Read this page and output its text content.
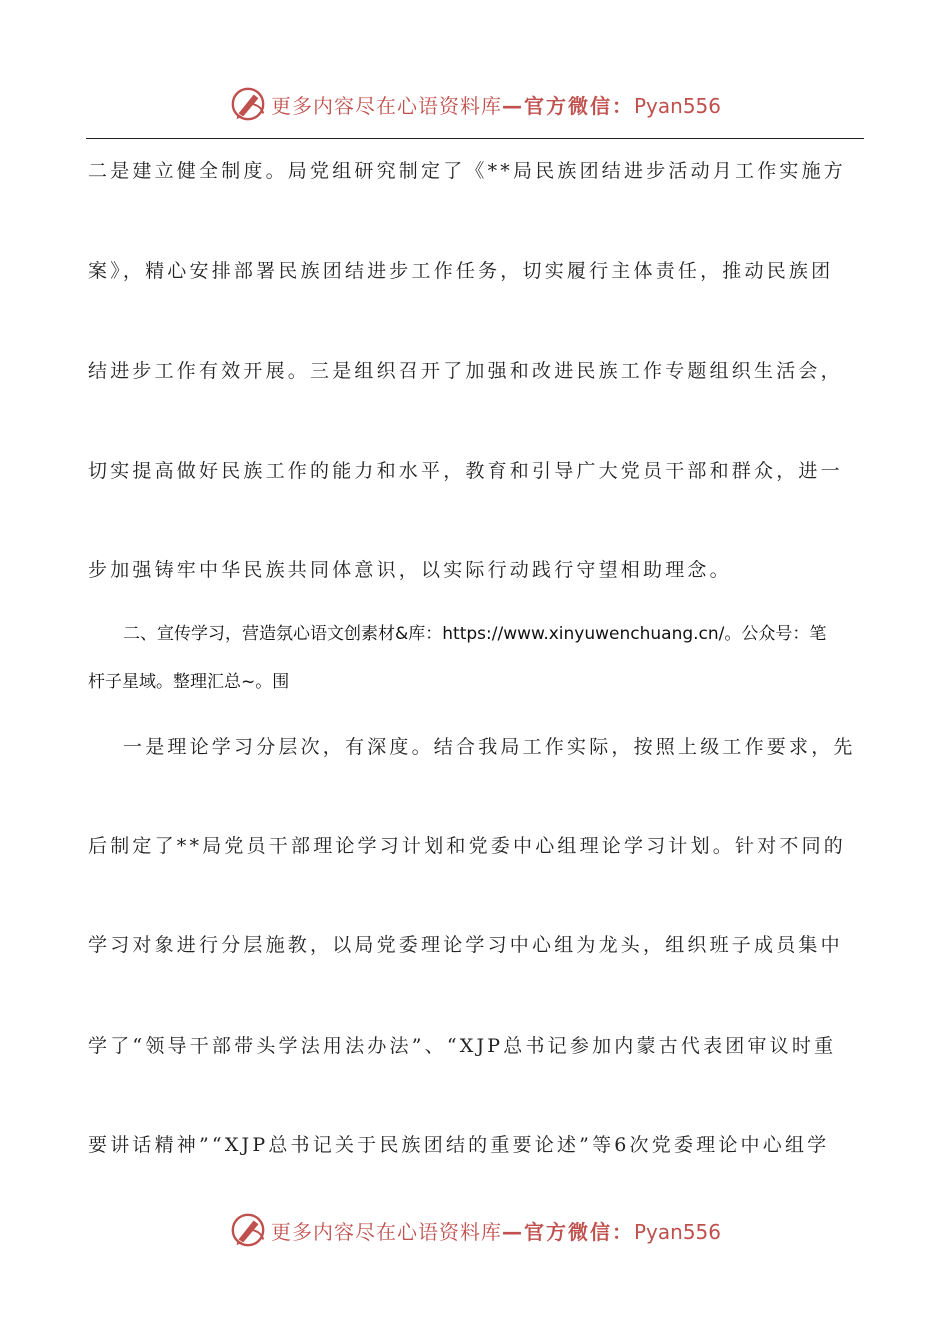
更多内容尽在心语资料库—官方微信：Pyan556
二是建立健全制度。局党组研究制定了《**局民族团结进步活动月工作实施方
案》，精心安排部署民族团结进步工作任务，切实履行主体责任，推动民族团
结进步工作有效开展。三是组织召开了加强和改进民族工作专题组织生活会，
切实提高做好民族工作的能力和水平，教育和引导广大党员干部和群众，进一
步加强铸牢中华民族共同体意识，以实际行动践行守望相助理念。
二、宣传学习，营造氛心语文创素材&库：https://www.xinyuwenchuang.cn/。公众号：笔
杆子星域。整理汇总~。围
一是理论学习分层次，有深度。结合我局工作实际，按照上级工作要求，先
后制定了**局党员干部理论学习计划和党委中心组理论学习计划。针对不同的
学习对象进行分层施教，以局党委理论学习中心组为龙头，组织班子成员集中
学了“领导干部带头学法用法办法”、“XJP总书记参加内蒙古代表团审议时重
要讲话精神”“XJP总书记关于民族团结的重要论述”等6次党委理论中心组学
更多内容尽在心语资料库—官方微信：Pyan556
